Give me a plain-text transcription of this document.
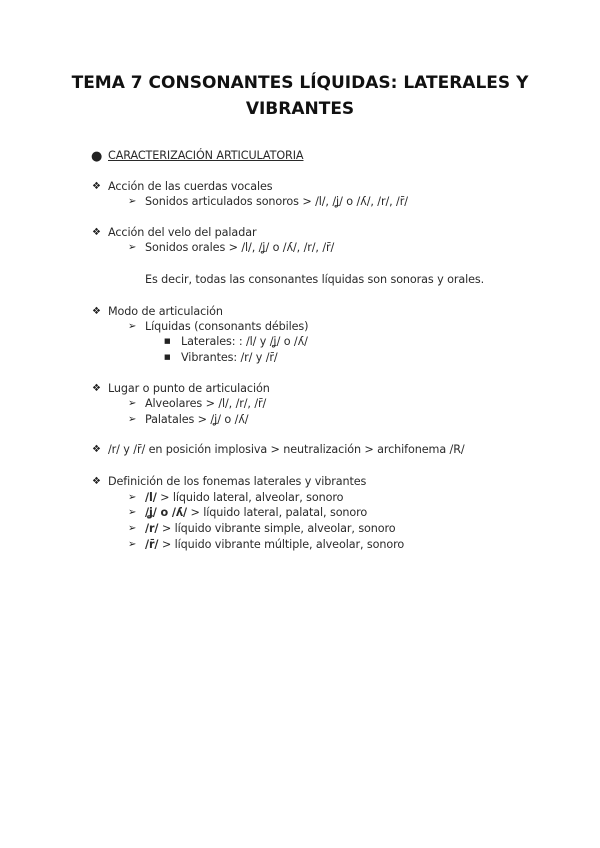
TEMA 7 CONSONANTES LÍQUIDAS: LATERALES Y VIBRANTES
● CARACTERIZACIÓN ARTICULATORIA
❖ Acción de las cuerdas vocales
➢ Sonidos articulados sonoros > /l/, /ʝ/ o /ʎ/, /r/, /r̄/
❖ Acción del velo del paladar
➢ Sonidos orales > /l/, /ʝ/ o /ʎ/, /r/, /r̄/
Es decir, todas las consonantes líquidas son sonoras y orales.
❖ Modo de articulación
➢ Líquidas (consonants débiles)
■ Laterales: : /l/ y /ʝ/ o /ʎ/
■ Vibrantes: /r/ y /r̄/
❖ Lugar o punto de articulación
➢ Alveolares > /l/, /r/, /r̄/
➢ Palatales > /ʝ/ o /ʎ/
❖ /r/ y /r̄/ en posición implosiva > neutralización > archifonema /R/
❖ Definición de los fonemas laterales y vibrantes
➢ /l/ > líquido lateral, alveolar, sonoro
➢ /ʝ/ o /ʎ/ > líquido lateral, palatal, sonoro
➢ /r/ > líquido vibrante simple, alveolar, sonoro
➢ /r̄/ > líquido vibrante múltiple, alveolar, sonoro
